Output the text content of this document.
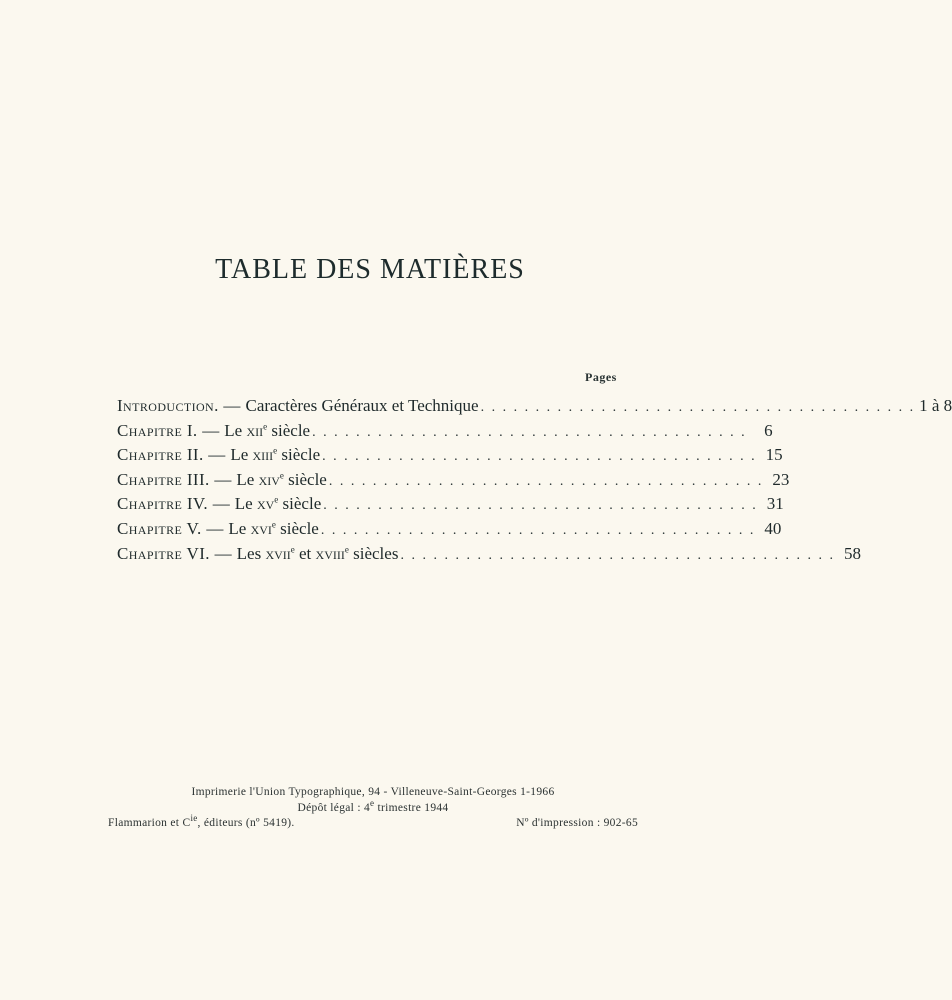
TABLE DES MATIÈRES
Pages
Introduction. — Caractères Généraux et Technique . . . . . . . . . . . . . . . . . . . . . . . . . . . . . . . . . . . . . . . . 1 à 8
Chapitre I. — Le xii$^e$ siècle . . . . . . . . . . . . . . . . . . . . . . . . . . . . . . . . . . . . . . . .	6
Chapitre II. — Le xiii$^e$ siècle . . . . . . . . . . . . . . . . . . . . . . . . . . . . . . . . . . . . . . . . 15
Chapitre III. — Le xiv$^e$ siècle . . . . . . . . . . . . . . . . . . . . . . . . . . . . . . . . . . . . . . . . 23
Chapitre IV. — Le $xv^e$ siècle . . . . . . . . . . . . . . . . . . . . . . . . . . . . . . . . . . . . . . . . 31
Chapitre V. — Le xvi$^e$ siècle . . . . . . . . . . . . . . . . . . . . . . . . . . . . . . . . . . . . . . . . 40
Chapitre VI. — Les xvii$^e$ et xviii$^e$ siècles . . . . . . . . . . . . . . . . . . . . . . . . . . . . . . . . . . . . . . . . 58
Imprimerie l'Union Typographique, 94 - Villeneuve-Saint-Georges 1-1966
Dépôt légal : 4e trimestre 1944
Flammarion et $C^{ie}$, éditeurs (nº 5419).	Nº d'impression : 902-65
